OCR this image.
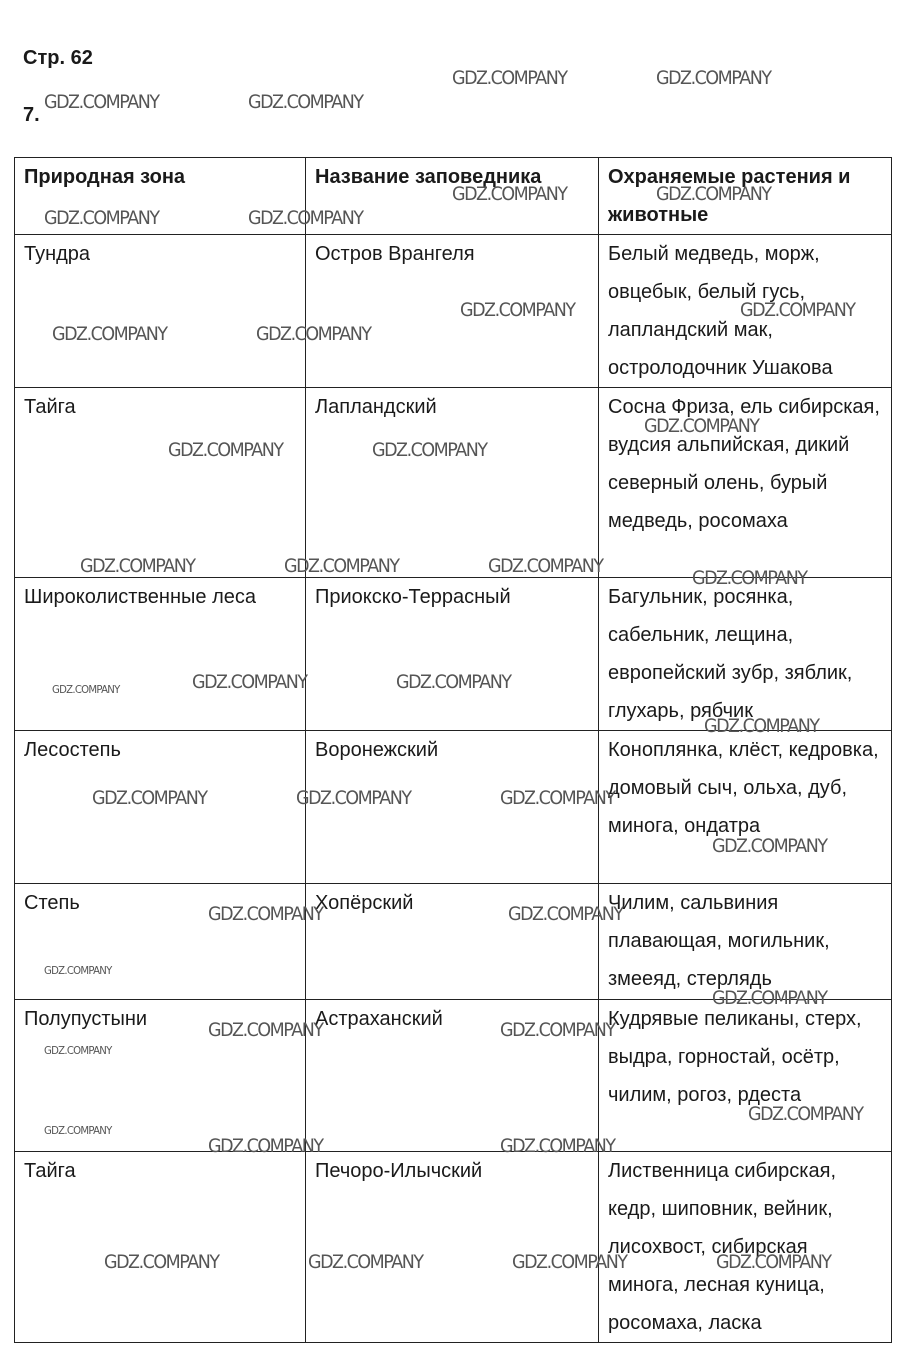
Стр. 62
7.
Природная зона	Название заповедника	Охраняемые растения и животные
Тундра	Остров Врангеля	Белый медведь, морж, овцебык, белый гусь, лапландский мак, остролодочник Ушакова
Тайга	Лапландский	Сосна Фриза, ель сибирская, вудсия альпийская, дикий северный олень, бурый медведь, росомаха
Широколиственные леса	Приокско-Террасный	Багульник, росянка, сабельник, лещина, европейский зубр, зяблик, глухарь, рябчик
Лесостепь	Воронежский	Коноплянка, клёст, кедровка, домовый сыч, ольха, дуб, минога, ондатра
Степь	Хопёрский	Чилим, сальвиния плавающая, могильник, змееяд, стерлядь
Полупустыни	Астраханский	Кудрявые пеликаны, стерх, выдра, горностай, осётр, чилим, рогоз, рдеста
Тайга	Печоро-Илычский	Лиственница сибирская, кедр, шиповник, вейник, лисохвост, сибирская минога, лесная куница, росомаха, ласка
GDZ.COMPANY	GDZ.COMPANY
GDZ.COMPANY	GDZ.COMPANY
GDZ.COMPANY	GDZ.COMPANY
GDZ.COMPANY	GDZ.COMPANY
GDZ.COMPANY	GDZ.COMPANY
GDZ.COMPANY	GDZ.COMPANY
GDZ.COMPANY
GDZ.COMPANY	GDZ.COMPANY
GDZ.COMPANY	GDZ.COMPANY	GDZ.COMPANY
GDZ.COMPANY
GDZ.COMPANY	GDZ.COMPANY	GDZ.COMPANY
GDZ.COMPANY
GDZ.COMPANY	GDZ.COMPANY	GDZ.COMPANY
GDZ.COMPANY
GDZ.COMPANY	GDZ.COMPANY
GDZ.COMPANY
GDZ.COMPANY
GDZ.COMPANY	GDZ.COMPANY
GDZ.COMPANY
GDZ.COMPANY
GDZ.COMPANY
GDZ.COMPANY	GDZ.COMPANY
GDZ.COMPANY	GDZ.COMPANY	GDZ.COMPANY	GDZ.COMPANY
